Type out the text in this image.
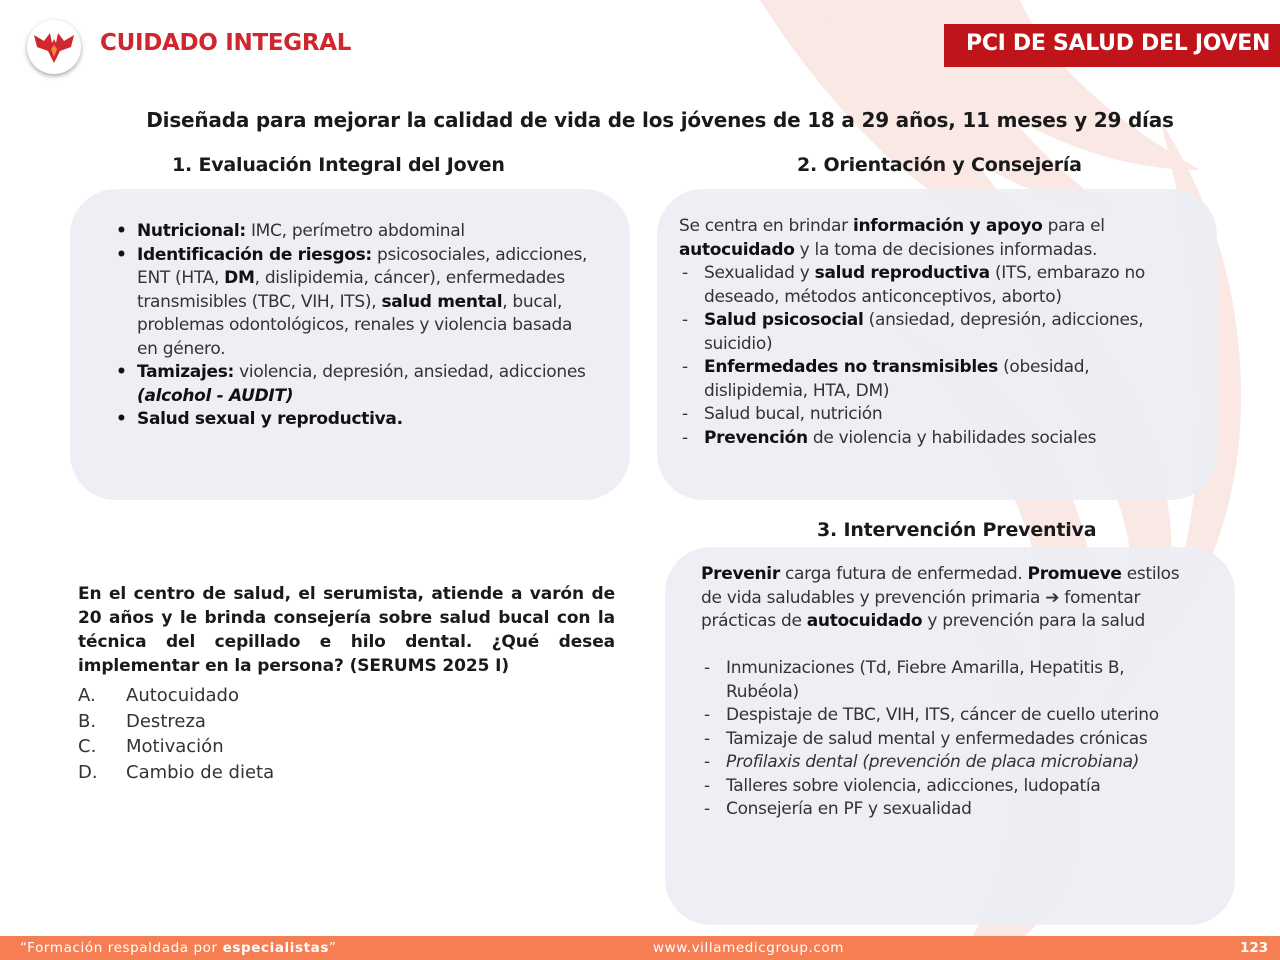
CUIDADO INTEGRAL	PCI DE SALUD DEL JOVEN
Diseñada para mejorar la calidad de vida de los jóvenes de 18 a 29 años, 11 meses y 29 días
1. Evaluación Integral del Joven
• Nutricional: IMC, perímetro abdominal
• Identificación de riesgos: psicosociales, adicciones, ENT (HTA, DM, dislipidemia, cáncer), enfermedades transmisibles (TBC, VIH, ITS), salud mental, bucal, problemas odontológicos, renales y violencia basada en género.
• Tamizajes: violencia, depresión, ansiedad, adicciones (alcohol - AUDIT)
• Salud sexual y reproductiva.
2. Orientación y Consejería

Se centra en brindar información y apoyo para el autocuidado y la toma de decisiones informadas.

- Sexualidad y salud reproductiva (ITS, embarazo no deseado, métodos anticonceptivos, aborto)
- Salud psicosocial (ansiedad, depresión, adicciones, suicidio)
- Enfermedades no transmisibles (obesidad, dislipidemia, HTA, DM)
- Salud bucal, nutrición
- Prevención de violencia y habilidades sociales
3. Intervención Preventiva

Prevenir carga futura de enfermedad. Promueve estilos de vida saludables y prevención primaria ➔ fomentar prácticas de autocuidado y prevención para la salud

- Inmunizaciones (Td, Fiebre Amarilla, Hepatitis B, Rubéola)
- Despistaje de TBC, VIH, ITS, cáncer de cuello uterino
- Tamizaje de salud mental y enfermedades crónicas
- Profilaxis dental (prevención de placa microbiana)
- Talleres sobre violencia, adicciones, ludopatía
- Consejería en PF y sexualidad
En el centro de salud, el serumista, atiende a varón de 20 años y le brinda consejería sobre salud bucal con la técnica del cepillado e hilo dental. ¿Qué desea implementar en la persona? (SERUMS 2025 I)
A.	Autocuidado
B.	Destreza
C.	Motivación
D.	Cambio de dieta
“Formación respaldada por especialistas”	www.villamedicgroup.com	123
